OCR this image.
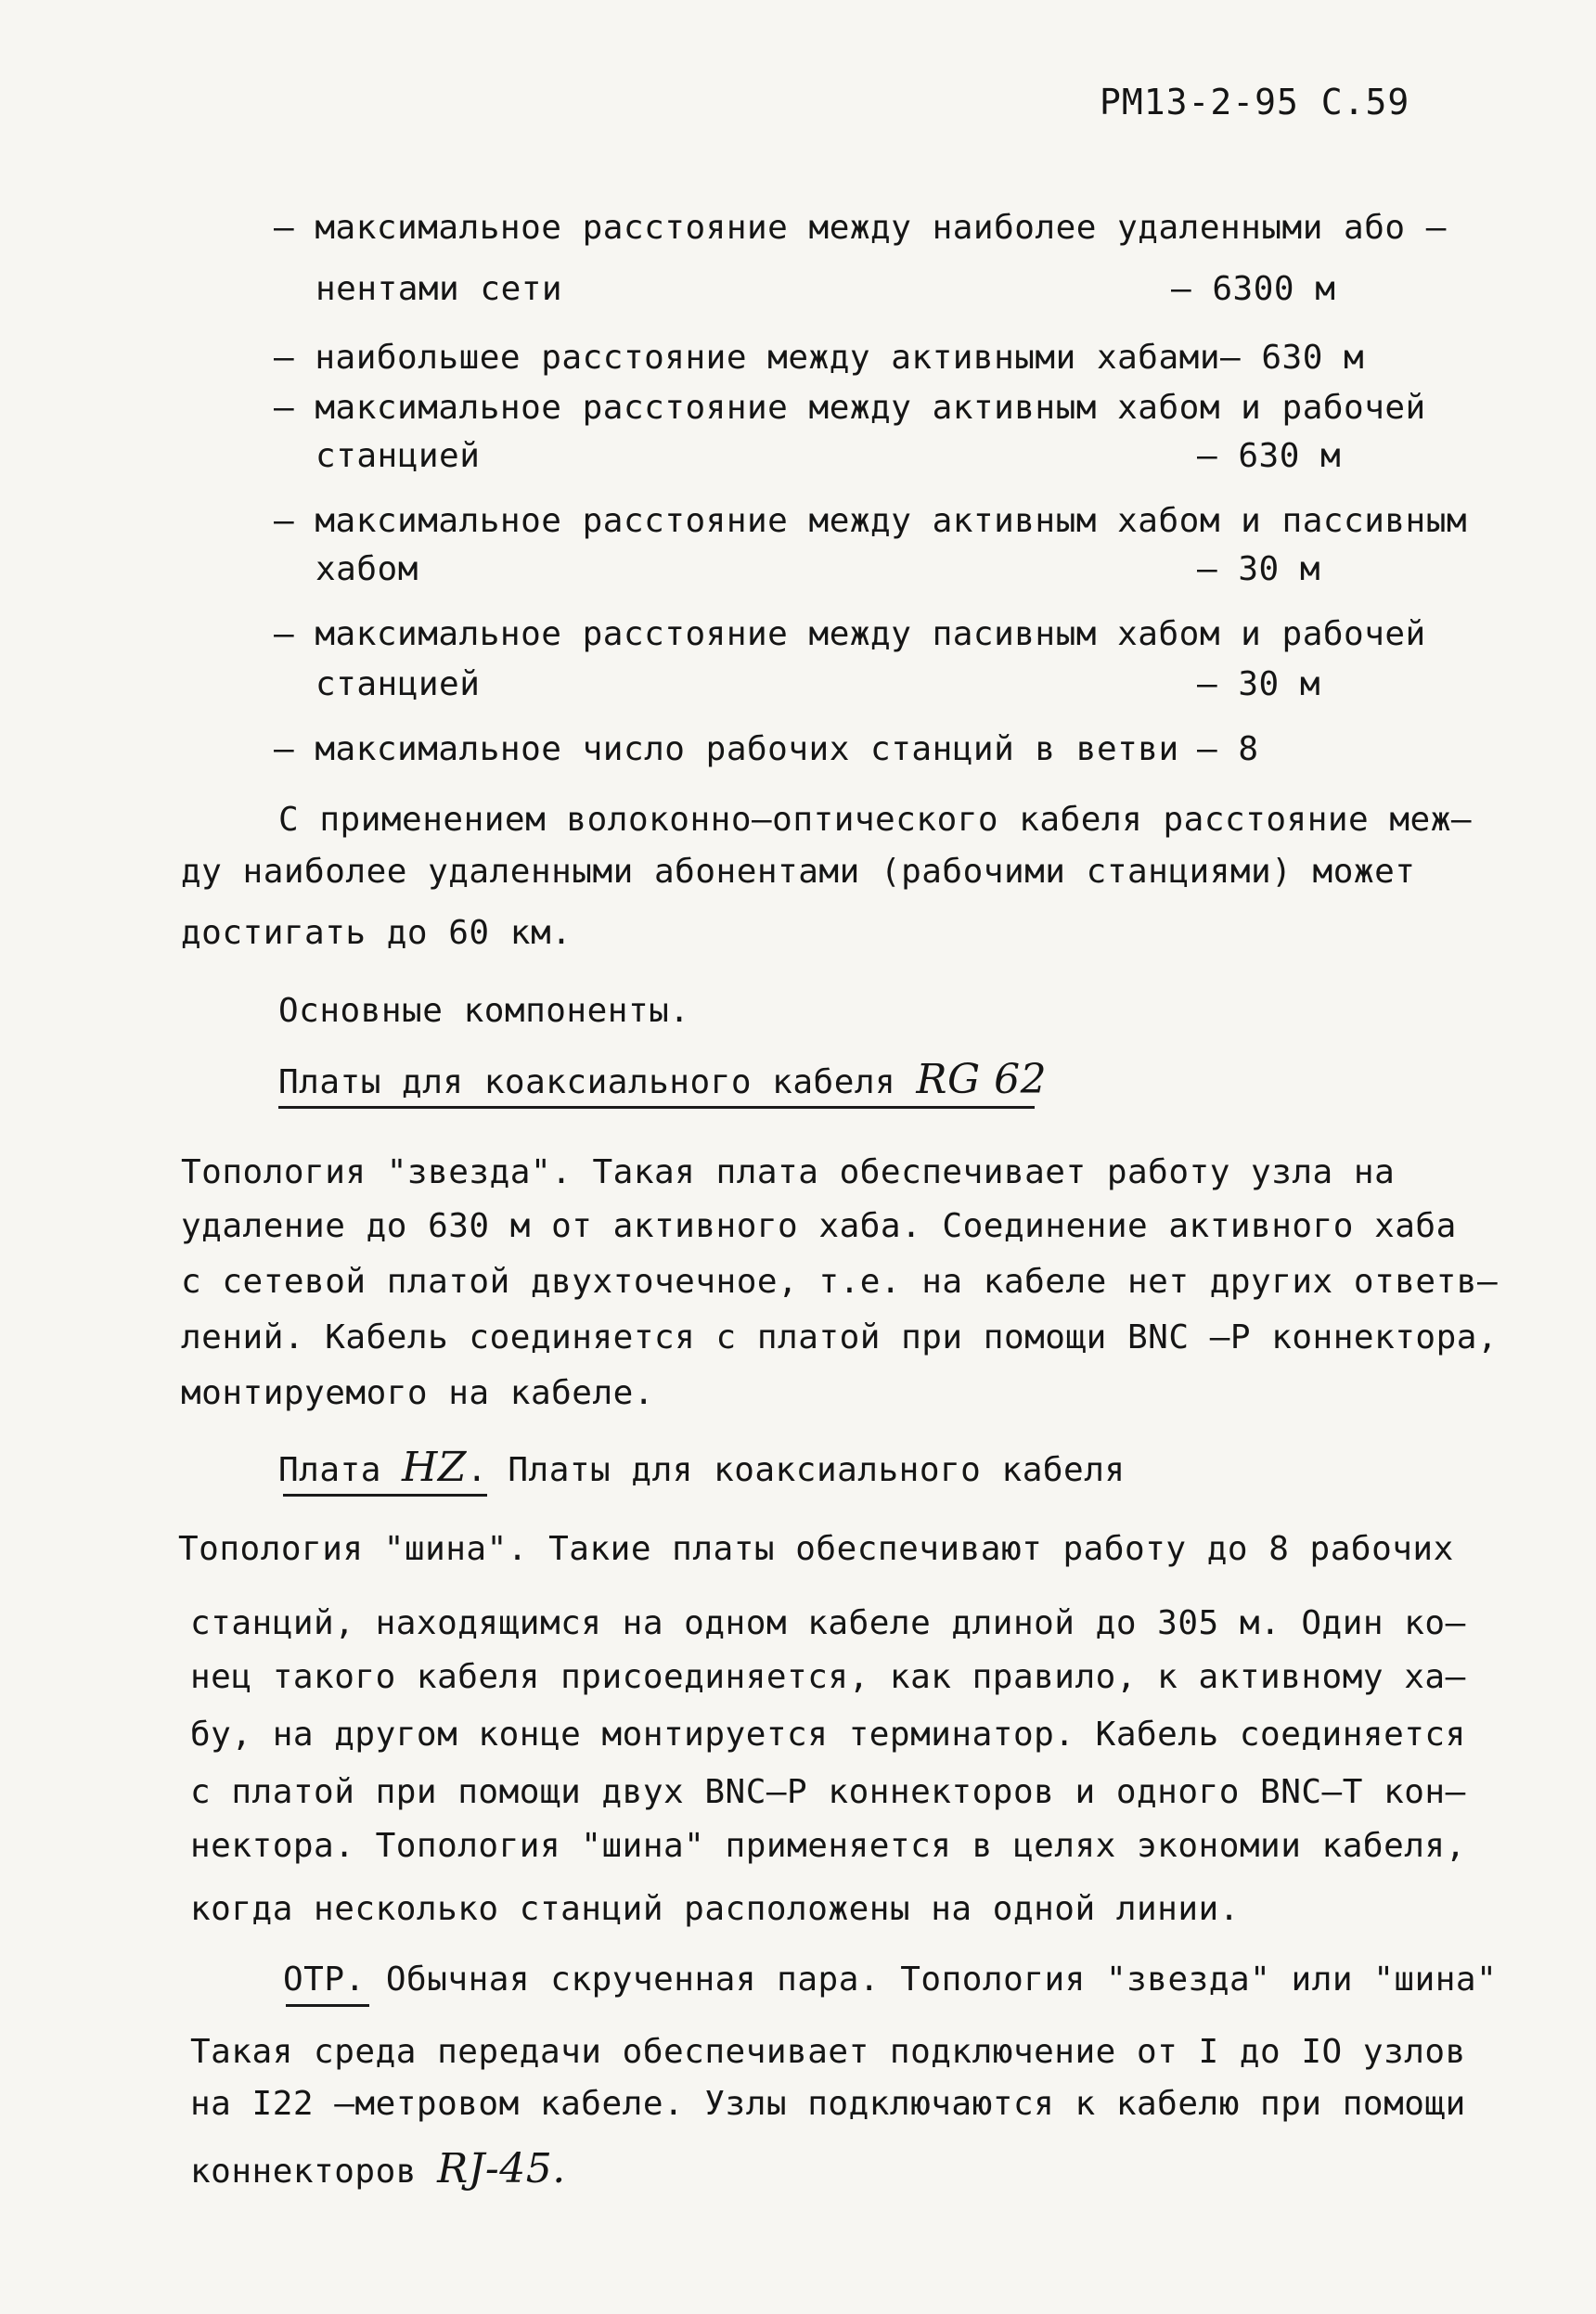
РМ13-2-95 С.59
– максимальное расстояние между наиболее удаленными або –
нентами сети	– 6300 м
– наибольшее расстояние между активными хабами– 630 м
– максимальное расстояние между активным хабом и рабочей
станцией	– 630 м
– максимальное расстояние между активным хабом и пассивным
хабом	– 30 м
– максимальное расстояние между пасивным хабом и рабочей
станцией	– 30 м
– максимальное число рабочих станций в ветви – 8
С применением волоконно–оптического кабеля расстояние меж–
ду наиболее удаленными абонентами (рабочими станциями) может
достигать до 60 км.
Основные компоненты.
Платы для коаксиального кабеля RG 62
Топология "звезда". Такая плата обеспечивает работу узла на
удаление до 630 м от активного хаба. Соединение активного хаба
с сетевой платой двухточечное, т.е. на кабеле нет других ответв–
лений. Кабель соединяется с платой при помощи BNC —Р коннектора,
монтируемого на кабеле.
Плата HZ. Платы для коаксиального кабеля
Топология "шина". Такие платы обеспечивают работу до 8 рабочих
станций, находящимся на одном кабеле длиной до 305 м. Один ко–
нец такого кабеля присоединяется, как правило, к активному ха–
бу, на другом конце монтируется терминатор. Кабель соединяется
с платой при помощи двух BNC–Р коннекторов и одного BNC–Т кон–
нектора. Топология "шина" применяется в целях экономии кабеля,
когда несколько станций расположены на одной линии.
ОТР. Обычная скрученная пара. Топология "звезда" или "шина"
Такая среда передачи обеспечивает подключение от I до IO узлов
на I22 –метровом кабеле. Узлы подключаются к кабелю при помощи
коннекторов RJ-45.
